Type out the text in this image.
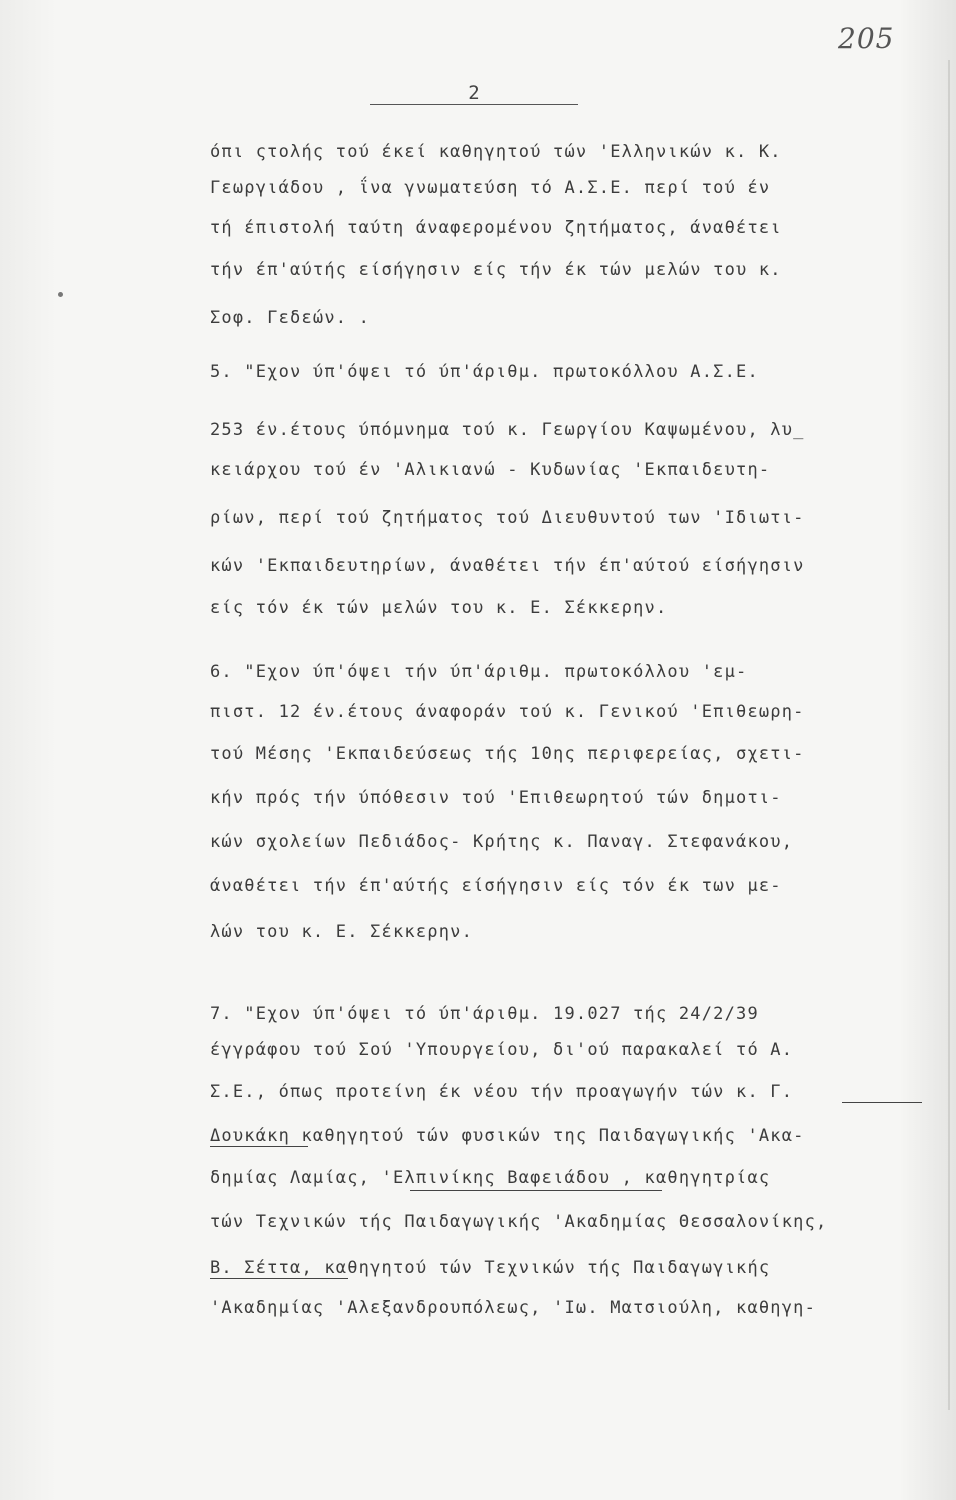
205
2
όπι ςτολής τού έκεί καθηγητού τών 'Ελληνικών κ. Κ.
Γεωργιάδου , ΐνα γνωματεύση τό Α.Σ.Ε. περί τού έν
τή έπιστολή ταύτη άναφερομένου ζητήματος, άναθέτει
τήν έπ'αύτής είσήγησιν είς τήν έκ τών μελών του κ.
Σοφ. Γεδεών. .
5. "Εχον ύπ'όψει τό ύπ'άριθμ. πρωτοκόλλου Α.Σ.Ε.
253 έν.έτους ύπόμνημα τού κ. Γεωργίου Καψωμένου, λυ_
κειάρχου τού έν 'Αλικιανώ - Κυδωνίας 'Εκπαιδευτη-
ρίων, περί τού ζητήματος τού Διευθυντού των 'Ιδιωτι-
κών 'Εκπαιδευτηρίων, άναθέτει τήν έπ'αύτού είσήγησιν
είς τόν έκ τών μελών του κ. Ε. Σέκκερην.
6. "Εχον ύπ'όψει τήν ύπ'άριθμ. πρωτοκόλλου 'εμ-
πιστ. 12 έν.έτους άναφοράν τού κ. Γενικού 'Επιθεωρη-
τού Μέσης 'Εκπαιδεύσεως τής 10ης περιφερείας, σχετι-
κήν πρός τήν ύπόθεσιν τού 'Επιθεωρητού τών δημοτι-
κών σχολείων Πεδιάδος- Κρήτης κ. Παναγ. Στεφανάκου,
άναθέτει τήν έπ'αύτής είσήγησιν είς τόν έκ των με-
λών του κ. Ε. Σέκκερην.
7. "Εχον ύπ'όψει τό ύπ'άριθμ. 19.027 τής 24/2/39
έγγράφου τού Σού 'Υπουργείου, δι'ού παρακαλεί τό Α.
Σ.Ε., όπως προτείνη έκ νέου τήν προαγωγήν τών κ. Γ.
Δουκάκη καθηγητού τών φυσικών της Παιδαγωγικής 'Ακα-
δημίας Λαμίας, 'Ελπινίκης Βαφειάδου , καθηγητρίας
τών Τεχνικών τής Παιδαγωγικής 'Ακαδημίας Θεσσαλονίκης,
Β. Σέττα, καθηγητού τών Τεχνικών τής Παιδαγωγικής
'Ακαδημίας 'Αλεξανδρουπόλεως, 'Ιω. Ματσιούλη, καθηγη-
